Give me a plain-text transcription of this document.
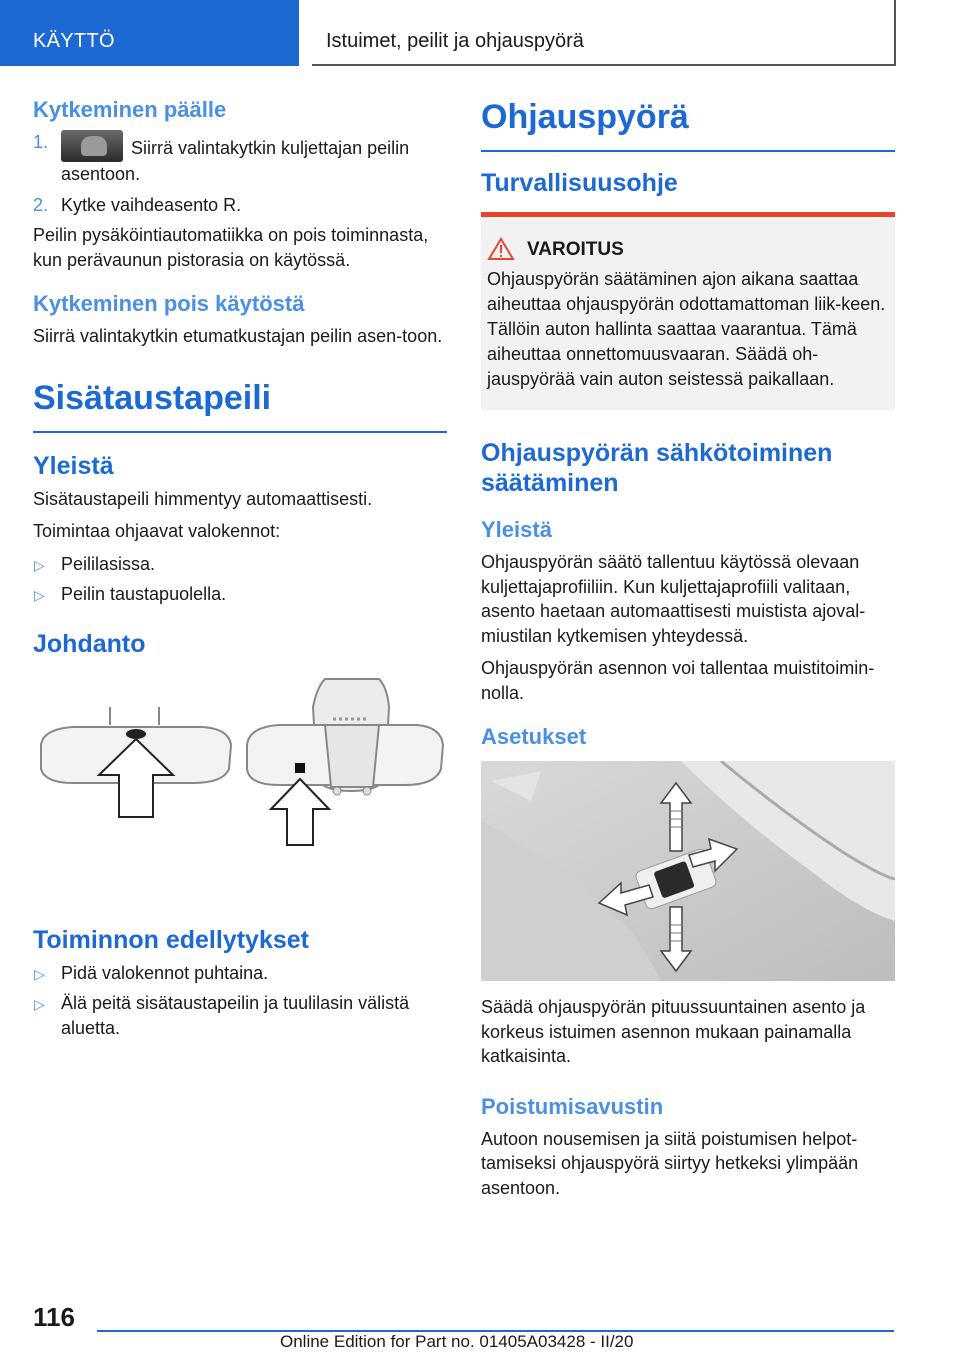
KÄYTTÖ	Istuimet, peilit ja ohjauspyörä
Kytkeminen päälle
1.	Siirrä valintakytkin kuljettajan peilin asentoon.
2. Kytke vaihdeasento R.

Peilin pysäköintiautomatiikka on pois toiminnasta, kun perävaunun pistorasia on käytössä.

Kytkeminen pois käytöstä

Siirrä valintakytkin etumatkustajan peilin asen-toon.

Sisätaustapeili
Yleistä

Sisätaustapeili himmentyy automaattisesti.

Toimintaa ohjaavat valokennot:

▷ Peililasissa.
▷ Peilin taustapuolella.
Johdanto
Toiminnon edellytykset
▷ Pidä valokennot puhtaina.
▷ Älä peitä sisätaustapeilin ja tuulilasin välistä aluetta.
Ohjauspyörä
Turvallisuusohje
VAROITUS

Ohjauspyörän säätäminen ajon aikana saattaa aiheuttaa ohjauspyörän odottamattoman liik-keen. Tällöin auton hallinta saattaa vaarantua. Tämä aiheuttaa onnettomuusvaaran. Säädä oh-jauspyörää vain auton seistessä paikallaan.

Ohjauspyörän sähkötoiminen säätäminen
Yleistä

Ohjauspyörän säätö tallentuu käytössä olevaan kuljettajaprofiiliin. Kun kuljettajaprofiili valitaan, asento haetaan automaattisesti muistista ajoval-miustilan kytkemisen yhteydessä.

Ohjauspyörän asennon voi tallentaa muistitoimin-nolla.

Asetukset

Säädä ohjauspyörän pituussuuntainen asento ja korkeus istuimen asennon mukaan painamalla katkaisinta.

Poistumisavustin

Autoon nousemisen ja siitä poistumisen helpot-tamiseksi ohjauspyörä siirtyy hetkeksi ylimpään asentoon.

116
Online Edition for Part no. 01405A03428 - II/20
